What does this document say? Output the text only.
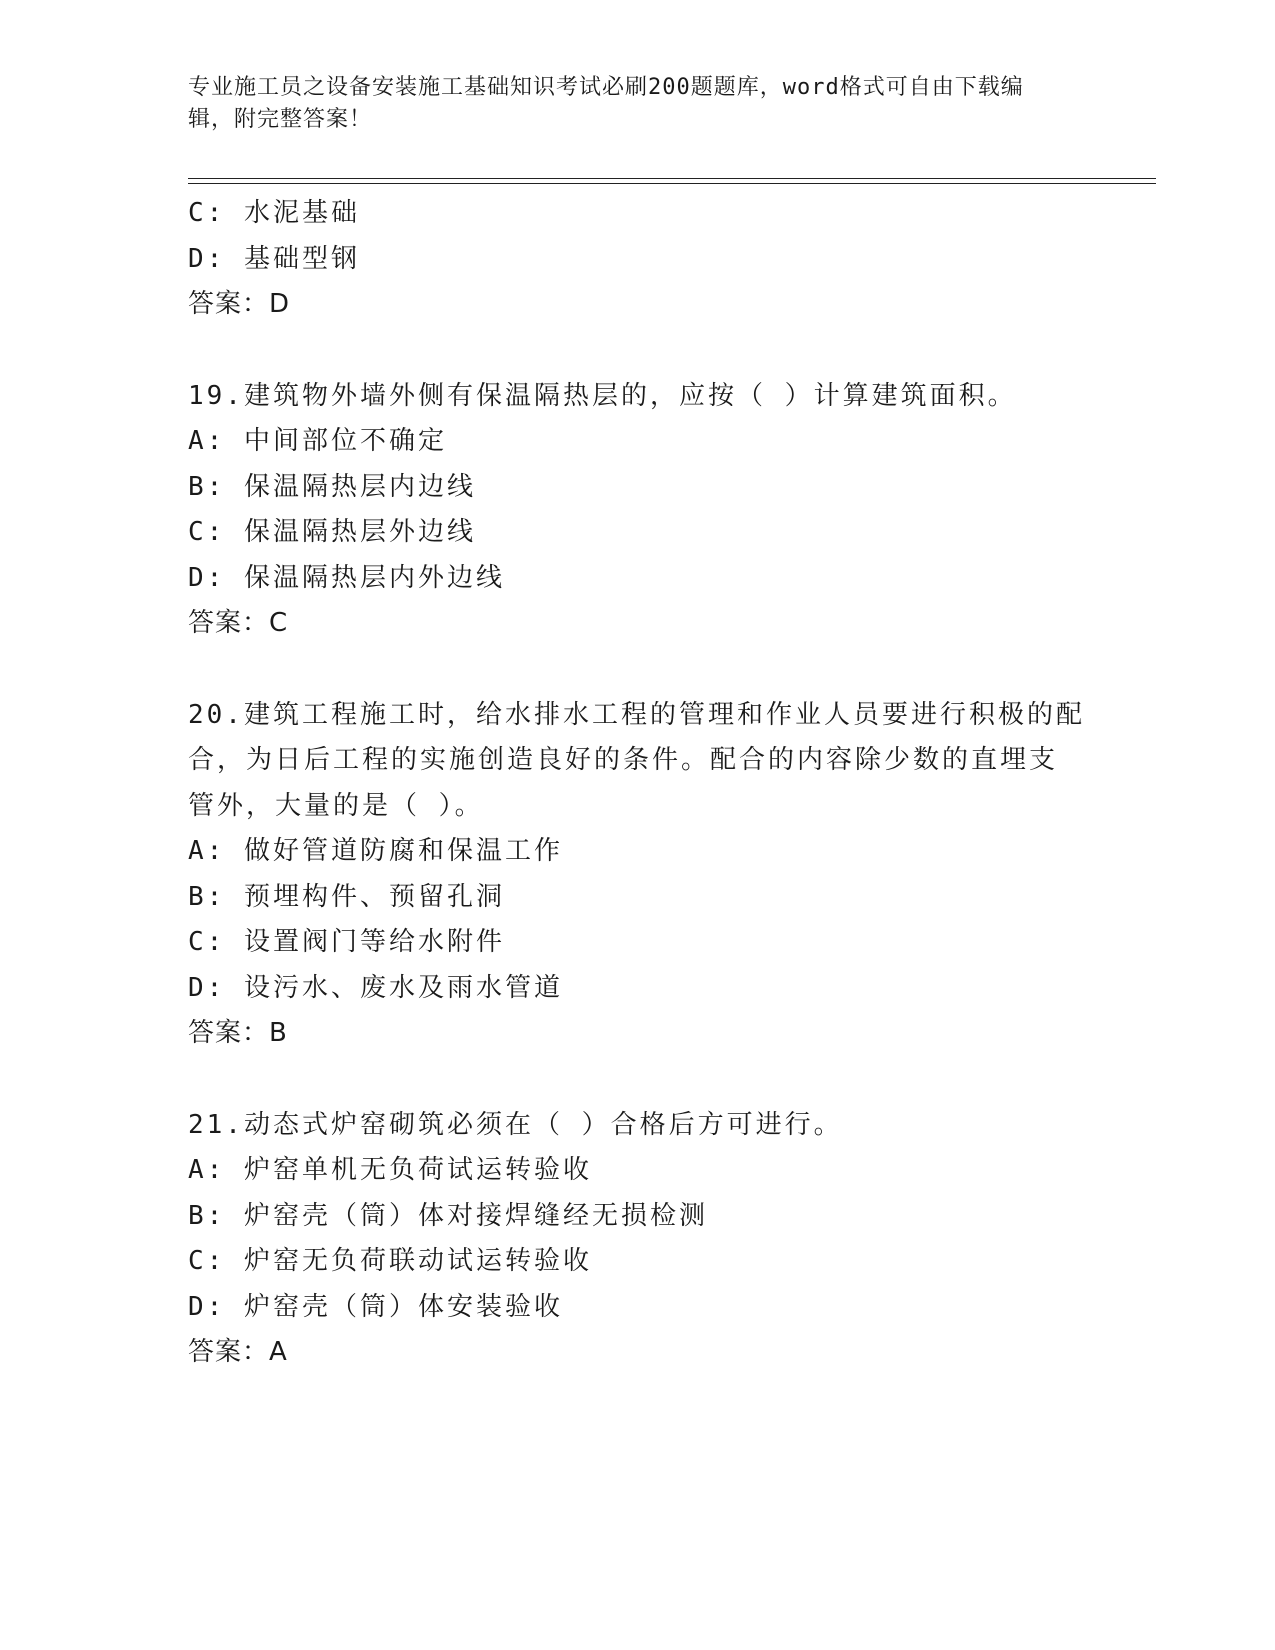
专业施工员之设备安装施工基础知识考试必刷200题题库，word格式可自由下载编辑，附完整答案！
C: 水泥基础
D: 基础型钢
答案：D
19.建筑物外墙外侧有保温隔热层的，应按（ ）计算建筑面积。
A: 中间部位不确定
B: 保温隔热层内边线
C: 保温隔热层外边线
D: 保温隔热层内外边线
答案：C
20.建筑工程施工时，给水排水工程的管理和作业人员要进行积极的配
合，为日后工程的实施创造良好的条件。配合的内容除少数的直埋支
管外，大量的是（ ）。
A: 做好管道防腐和保温工作
B: 预埋构件、预留孔洞
C: 设置阀门等给水附件
D: 设污水、废水及雨水管道
答案：B
21.动态式炉窑砌筑必须在（ ）合格后方可进行。
A: 炉窑单机无负荷试运转验收
B: 炉窑壳（筒）体对接焊缝经无损检测
C: 炉窑无负荷联动试运转验收
D: 炉窑壳（筒）体安装验收
答案：A
